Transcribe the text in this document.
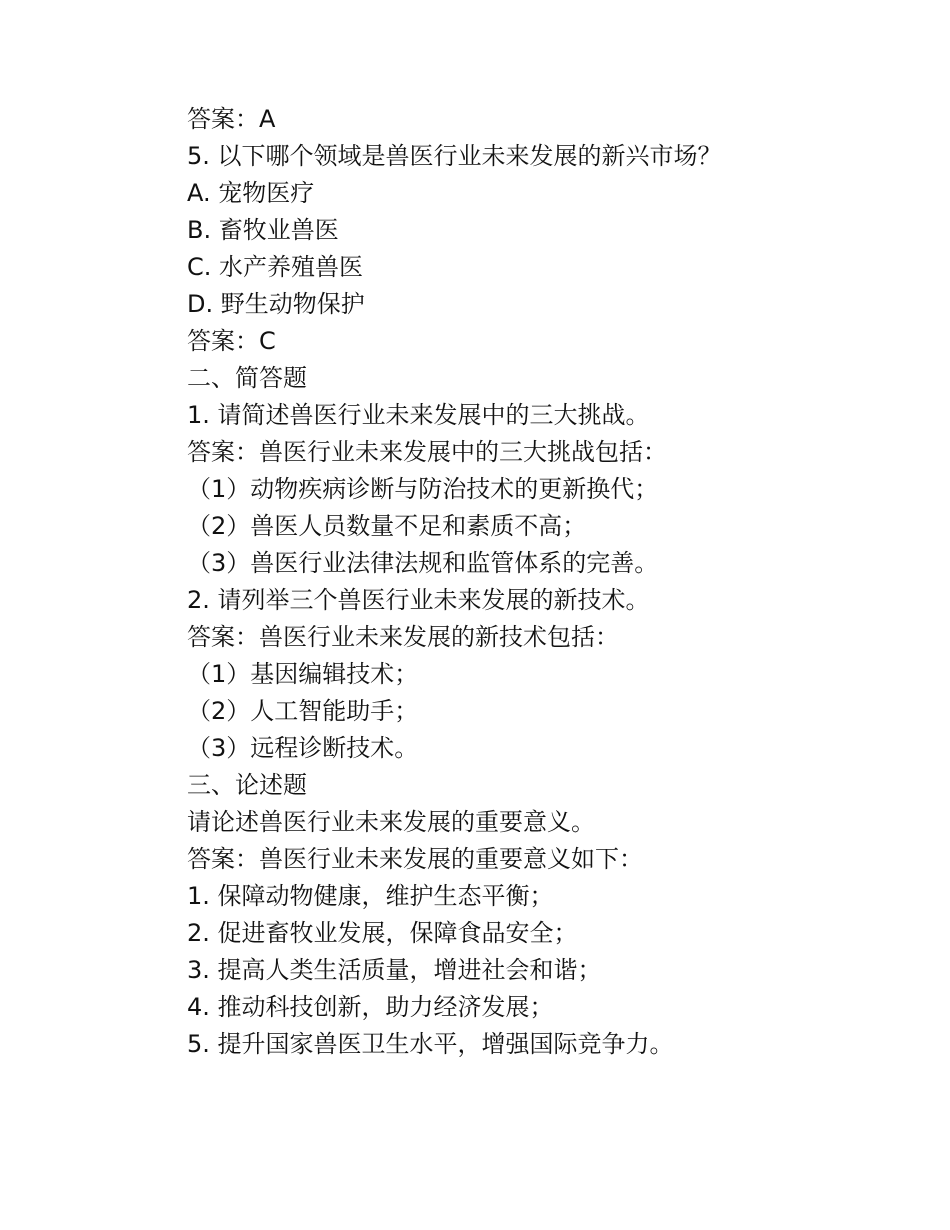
答案：A
5. 以下哪个领域是兽医行业未来发展的新兴市场？
A. 宠物医疗
B. 畜牧业兽医
C. 水产养殖兽医
D. 野生动物保护
答案：C
二、简答题
1. 请简述兽医行业未来发展中的三大挑战。
答案：兽医行业未来发展中的三大挑战包括：
（1）动物疾病诊断与防治技术的更新换代；
（2）兽医人员数量不足和素质不高；
（3）兽医行业法律法规和监管体系的完善。
2. 请列举三个兽医行业未来发展的新技术。
答案：兽医行业未来发展的新技术包括：
（1）基因编辑技术；
（2）人工智能助手；
（3）远程诊断技术。
三、论述题
请论述兽医行业未来发展的重要意义。
答案：兽医行业未来发展的重要意义如下：
1. 保障动物健康，维护生态平衡；
2. 促进畜牧业发展，保障食品安全；
3. 提高人类生活质量，增进社会和谐；
4. 推动科技创新，助力经济发展；
5. 提升国家兽医卫生水平，增强国际竞争力。
